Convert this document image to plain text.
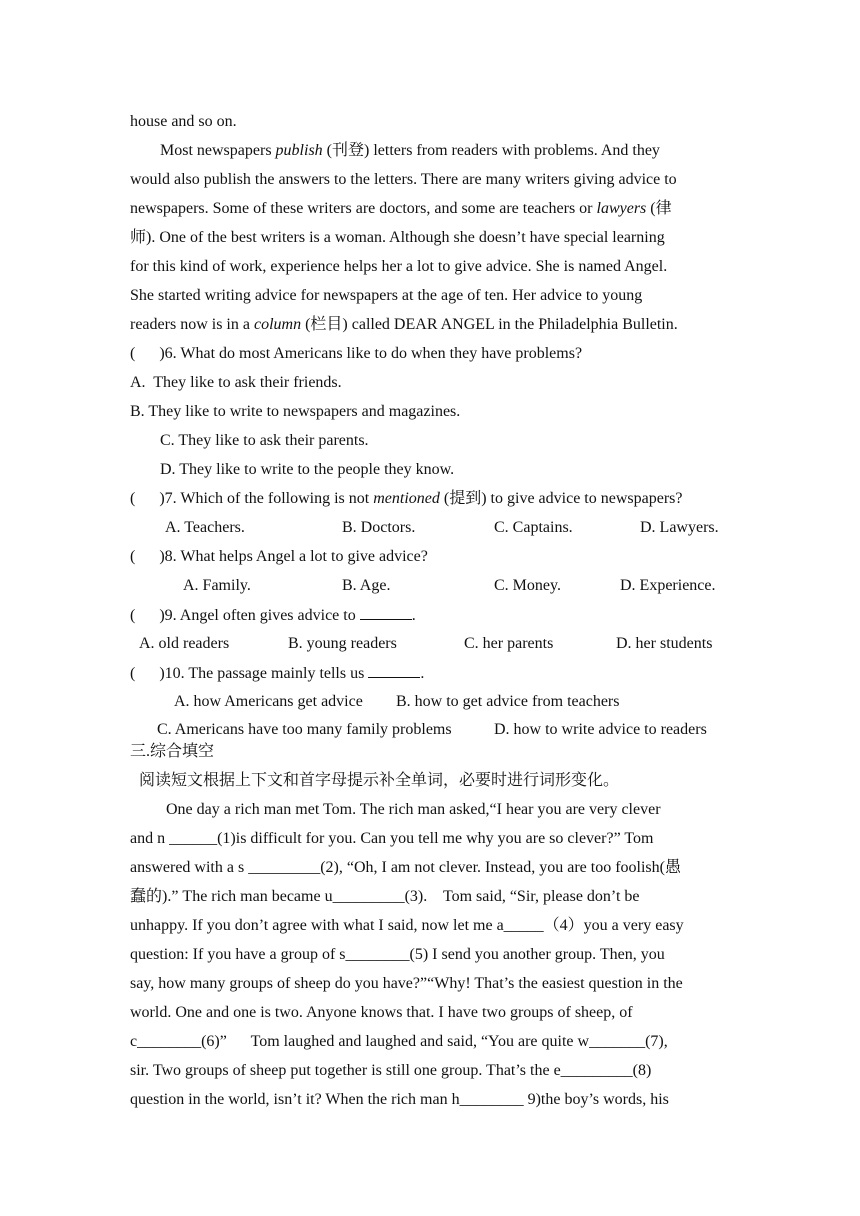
house and so on.
Most newspapers publish (刊登) letters from readers with problems. And they
would also publish the answers to the letters. There are many writers giving advice to
newspapers. Some of these writers are doctors, and some are teachers or lawyers (律
师). One of the best writers is a woman. Although she doesn’t have special learning
for this kind of work, experience helps her a lot to give advice. She is named Angel.
She started writing advice for newspapers at the age of ten. Her advice to young
readers now is in a column (栏目) called DEAR ANGEL in the Philadelphia Bulletin.
(      )6. What do most Americans like to do when they have problems?
A.  They like to ask their friends.
B. They like to write to newspapers and magazines.
C. They like to ask their parents.
D. They like to write to the people they know.
(      )7. Which of the following is not mentioned (提到) to give advice to newspapers?
A. Teachers.	B. Doctors.	C. Captains.	D. Lawyers.
(      )8. What helps Angel a lot to give advice?
A. Family.	B. Age.	C. Money.	D. Experience.
(      )9. Angel often gives advice to	.
A. old readers	B. young readers	C. her parents	D. her students
(      )10. The passage mainly tells us	.
A. how Americans get advice B. how to get advice from teachers
C. Americans have too many family problems	D. how to write advice to readers
三.综合填空
阅读短文根据上下文和首字母提示补全单词，必要时进行词形变化。
One day a rich man met Tom. The rich man asked,“I hear you are very clever
and n ______(1)is difficult for you. Can you tell me why you are so clever?” Tom
answered with a s _________(2), “Oh, I am not clever. Instead, you are too foolish(愚
蠢的).” The rich man became u_________(3).    Tom said, “Sir, please don’t be
unhappy. If you don’t agree with what I said, now let me a_____（4）you a very easy
question: If you have a group of s________(5) I send you another group. Then, you
say, how many groups of sheep do you have?”“Why! That’s the easiest question in the
world. One and one is two. Anyone knows that. I have two groups of sheep, of
c________(6)”      Tom laughed and laughed and said, “You are quite w_______(7),
sir. Two groups of sheep put together is still one group. That’s the e_________(8)
question in the world, isn’t it? When the rich man h________ 9)the boy’s words, his
